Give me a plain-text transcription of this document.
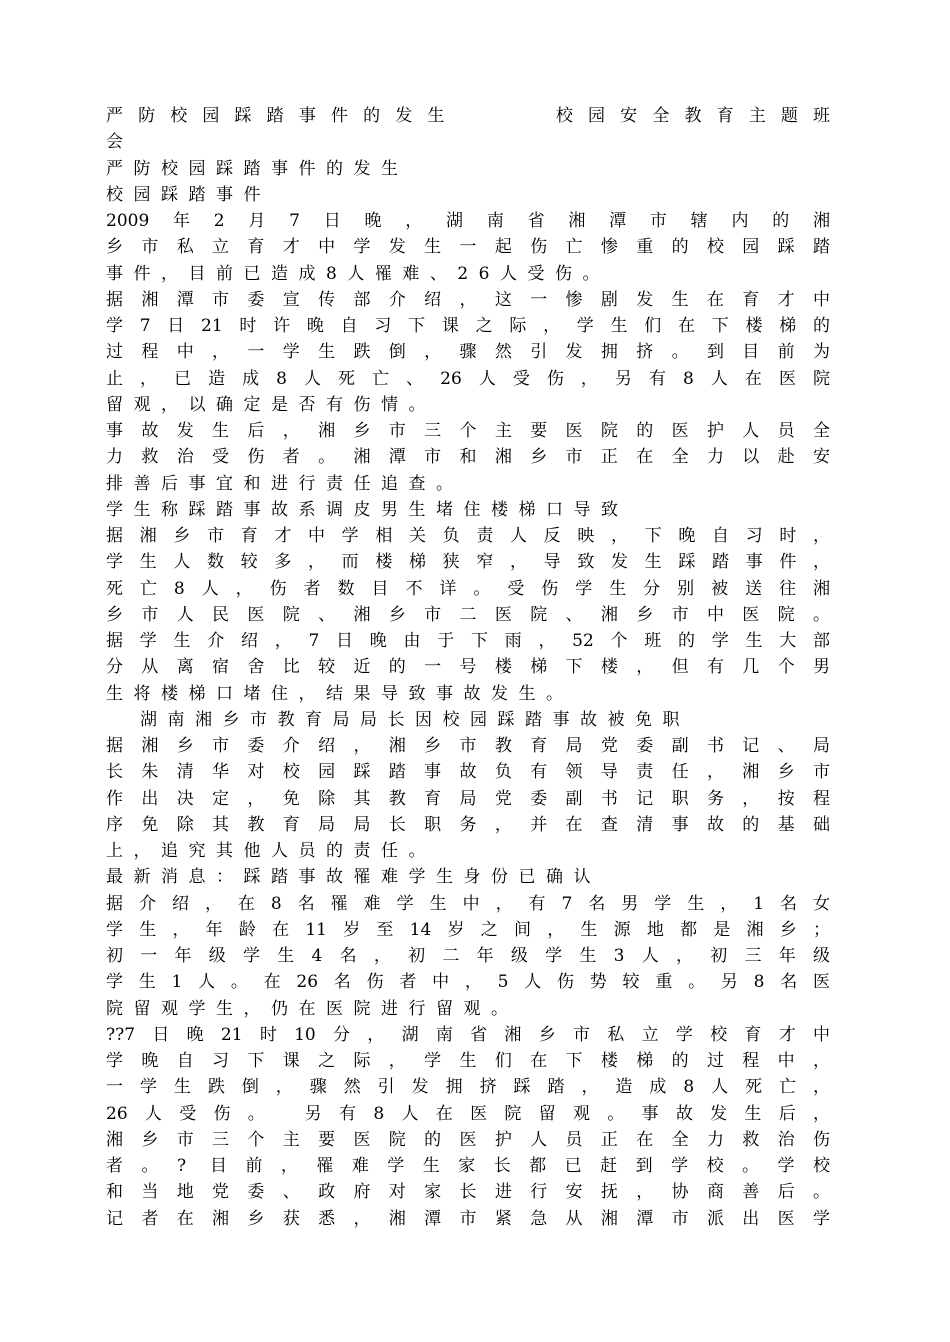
严防校园踩踏事件的发生　　　校园安全教育主题班
会
严防校园踩踏事件的发生
校园踩踏事件
2009年2月7日晚，湖南省湘潭市辖内的湘
乡市私立育才中学发生一起伤亡惨重的校园踩踏
事件，目前已造成8人罹难、26人受伤。
据湘潭市委宣传部介绍，这一惨剧发生在育才中
学7日21时许晚自习下课之际，学生们在下楼梯的
过程中，一学生跌倒，骤然引发拥挤。到目前为
止，已造成8人死亡、26人受伤，另有8人在医院
留观，以确定是否有伤情。
事故发生后，湘乡市三个主要医院的医护人员全
力救治受伤者。湘潭市和湘乡市正在全力以赴安
排善后事宜和进行责任追查。
学生称踩踏事故系调皮男生堵住楼梯口导致
据湘乡市育才中学相关负责人反映，下晚自习时，
学生人数较多，而楼梯狭窄，导致发生踩踏事件，
死亡8人，伤者数目不详。受伤学生分别被送往湘
乡市人民医院、湘乡市二医院、湘乡市中医院。
据学生介绍，7日晚由于下雨，52个班的学生大部
分从离宿舍比较近的一号楼梯下楼，但有几个男
生将楼梯口堵住，结果导致事故发生。
湖南湘乡市教育局局长因校园踩踏事故被免职
据湘乡市委介绍，湘乡市教育局党委副书记、局
长朱清华对校园踩踏事故负有领导责任，湘乡市
作出决定，免除其教育局党委副书记职务，按程
序免除其教育局局长职务，并在查清事故的基础
上，追究其他人员的责任。
最新消息：踩踏事故罹难学生身份已确认
据介绍，在8名罹难学生中，有7名男学生，1名女
学生，年龄在11岁至14岁之间，生源地都是湘乡；
初一年级学生4名，初二年级学生3人，初三年级
学生1人。在26名伤者中，5人伤势较重。另8名医
院留观学生，仍在医院进行留观。
??7日晚21时10分，湖南省湘乡市私立学校育才中
学晚自习下课之际，学生们在下楼梯的过程中，
一学生跌倒，骤然引发拥挤踩踏，造成8人死亡，
26人受伤。 另有8人在医院留观。事故发生后，
湘乡市三个主要医院的医护人员正在全力救治伤
者。? 目前，罹难学生家长都已赶到学校。学校
和当地党委、政府对家长进行安抚，协商善后。
记者在湘乡获悉，湘潭市紧急从湘潭市派出医学
